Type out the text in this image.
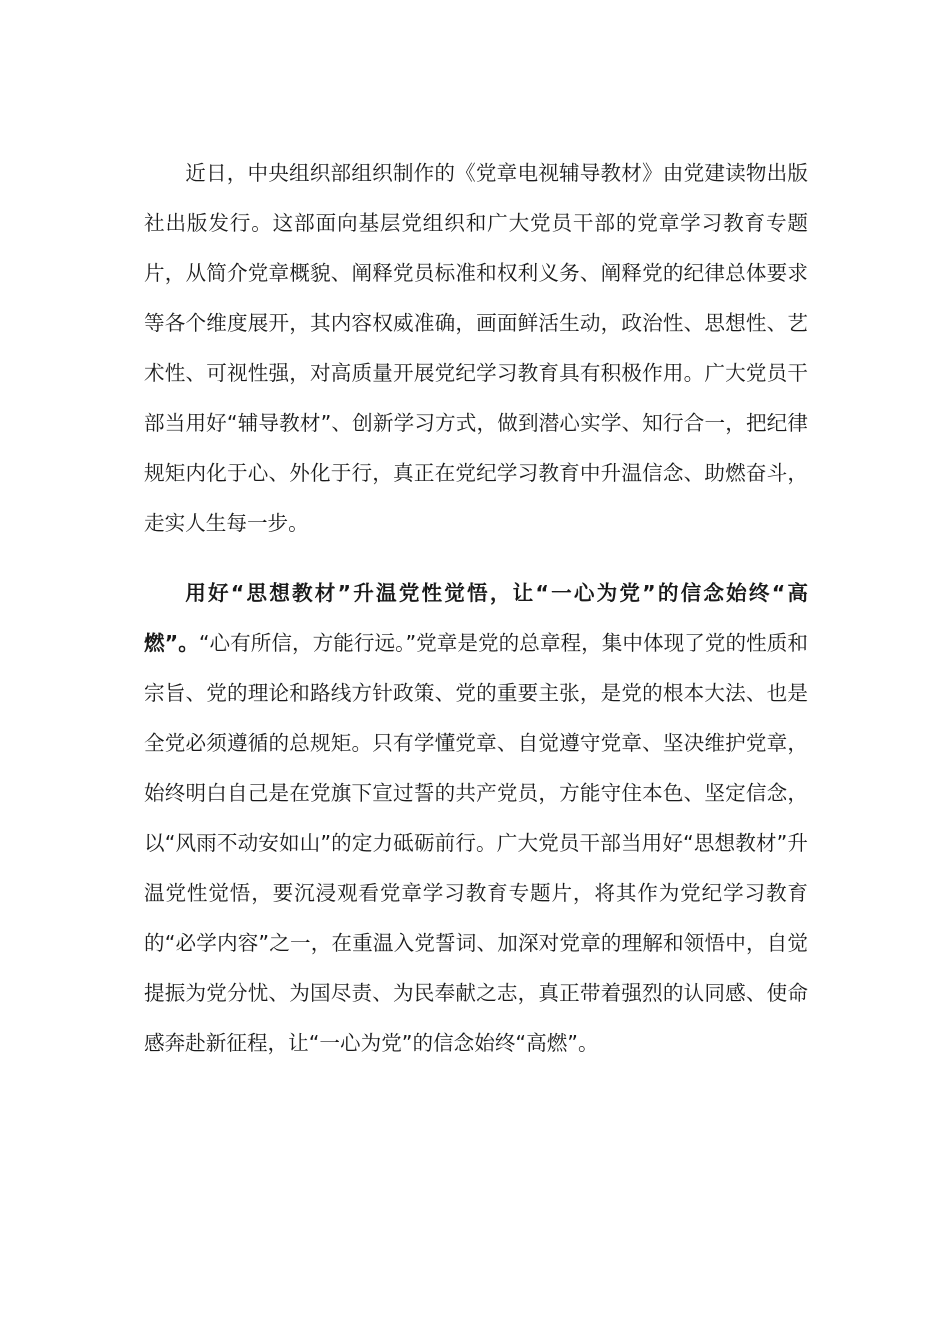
近日，中央组织部组织制作的《党章电视辅导教材》由党建读物出版社出版发行。这部面向基层党组织和广大党员干部的党章学习教育专题片，从简介党章概貌、阐释党员标准和权利义务、阐释党的纪律总体要求等各个维度展开，其内容权威准确，画面鲜活生动，政治性、思想性、艺术性、可视性强，对高质量开展党纪学习教育具有积极作用。广大党员干部当用好“辅导教材”、创新学习方式，做到潜心实学、知行合一，把纪律规矩内化于心、外化于行，真正在党纪学习教育中升温信念、助燃奋斗，走实人生每一步。

用好“思想教材”升温党性觉悟，让“一心为党”的信念始终“高燃”。“心有所信，方能行远。”党章是党的总章程，集中体现了党的性质和宗旨、党的理论和路线方针政策、党的重要主张，是党的根本大法、也是全党必须遵循的总规矩。只有学懂党章、自觉遵守党章、坚决维护党章，始终明白自己是在党旗下宣过誓的共产党员，方能守住本色、坚定信念，以“风雨不动安如山”的定力砥砺前行。广大党员干部当用好“思想教材”升温党性觉悟，要沉浸观看党章学习教育专题片，将其作为党纪学习教育的“必学内容”之一，在重温入党誓词、加深对党章的理解和领悟中，自觉提振为党分忧、为国尽责、为民奉献之志，真正带着强烈的认同感、使命感奔赴新征程，让“一心为党”的信念始终“高燃”。
